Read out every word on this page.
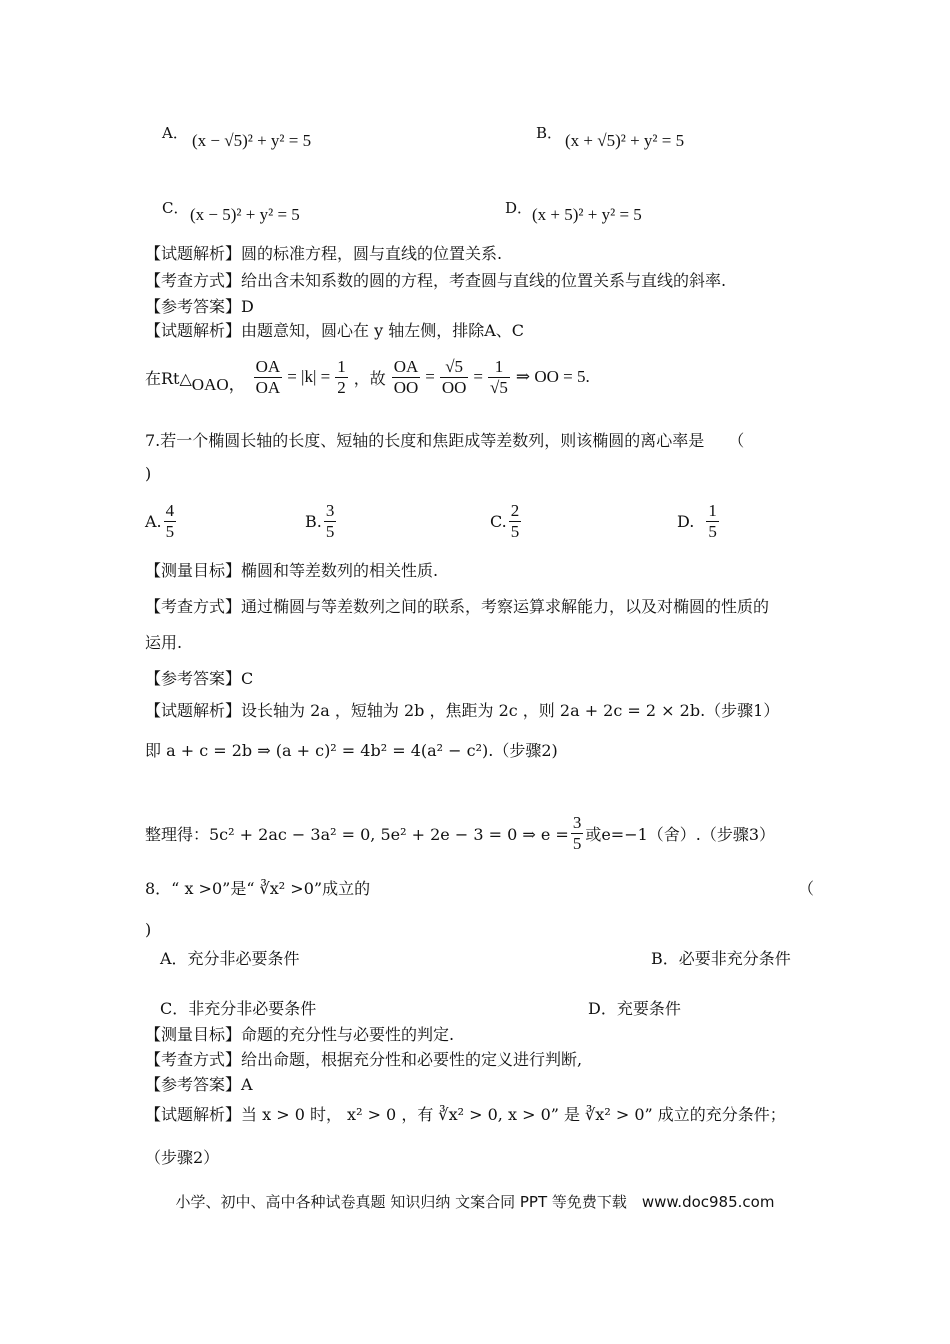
A． (x − √5)² + y² = 5	B． (x + √5)² + y² = 5
C． (x − 5)² + y² = 5	D． (x + 5)² + y² = 5
【试题解析】圆的标准方程，圆与直线的位置关系.
【考查方式】给出含未知系数的圆的方程，考查圆与直线的位置关系与直线的斜率.
【参考答案】D
【试题解析】由题意知，圆心在 y 轴左侧，排除A、C
在Rt△ OAO， $\frac{OA}{OA} = |k| = \frac{1}{2}$ ，故 $\frac{OA}{OO} = \frac{√5}{OO} = \frac{1}{√5}$ ⇒ OO = 5.
7.若一个椭圆长轴的长度、短轴的长度和焦距成等差数列，则该椭圆的离心率是　　（
)
A. $\frac{4}{5}$	B. $\frac{3}{5}$	C. $\frac{2}{5}$	D. $\frac{1}{5}$
【测量目标】椭圆和等差数列的相关性质.
【考查方式】通过椭圆与等差数列之间的联系，考察运算求解能力，以及对椭圆的性质的
运用.
【参考答案】C
【试题解析】设长轴为 2a ，短轴为 2b ，焦距为 2c ，则 2a + 2c = 2 × 2b.（步骤1）
即 a + c = 2b ⇒ (a + c)² = 4b² = 4(a² − c²).（步骤2)
整理得：5c² + 2ac − 3a² = 0, 5e² + 2e − 3 = 0 ⇒ $e = \frac{3}{5}$ 或e=−1（舍）.（步骤3）
8．“ x >0”是“ ∛x² >0”成立的	（
)
A．充分非必要条件	B．必要非充分条件
C．非充分非必要条件	D．充要条件
【测量目标】命题的充分性与必要性的判定.
【考查方式】给出命题，根据充分性和必要性的定义进行判断,
【参考答案】A
【试题解析】当 x > 0 时， x² > 0 ，有 ∛x² > 0, x > 0” 是 ∛x² > 0” 成立的充分条件；
（步骤2）
小学、初中、高中各种试卷真题 知识归纳 文案合同 PPT 等免费下载　www.doc985.com
